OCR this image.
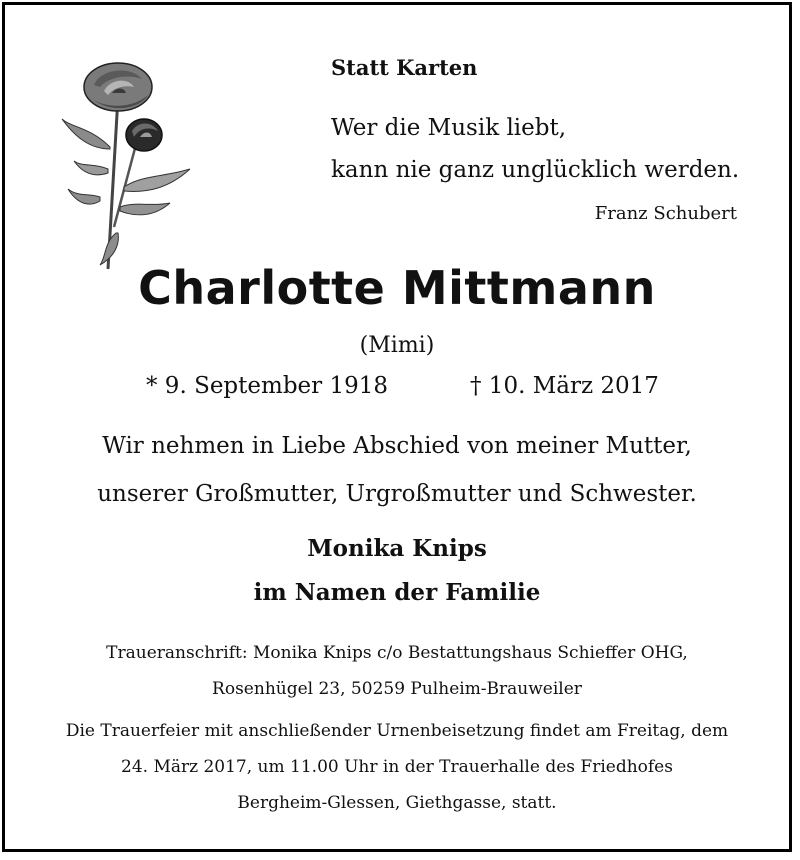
Statt Karten
Wer die Musik liebt,
kann nie ganz unglücklich werden.
Franz Schubert
Charlotte Mittmann
(Mimi)
* 9. September 1918	† 10. März 2017
Wir nehmen in Liebe Abschied von meiner Mutter,
unserer Großmutter, Urgroßmutter und Schwester.
Monika Knips
im Namen der Familie
Traueranschrift: Monika Knips c/o Bestattungshaus Schieffer OHG,
Rosenhügel 23, 50259 Pulheim-Brauweiler
Die Trauerfeier mit anschließender Urnenbeisetzung findet am Freitag, dem
24. März 2017, um 11.00 Uhr in der Trauerhalle des Friedhofes
Bergheim-Glessen, Giethgasse, statt.
